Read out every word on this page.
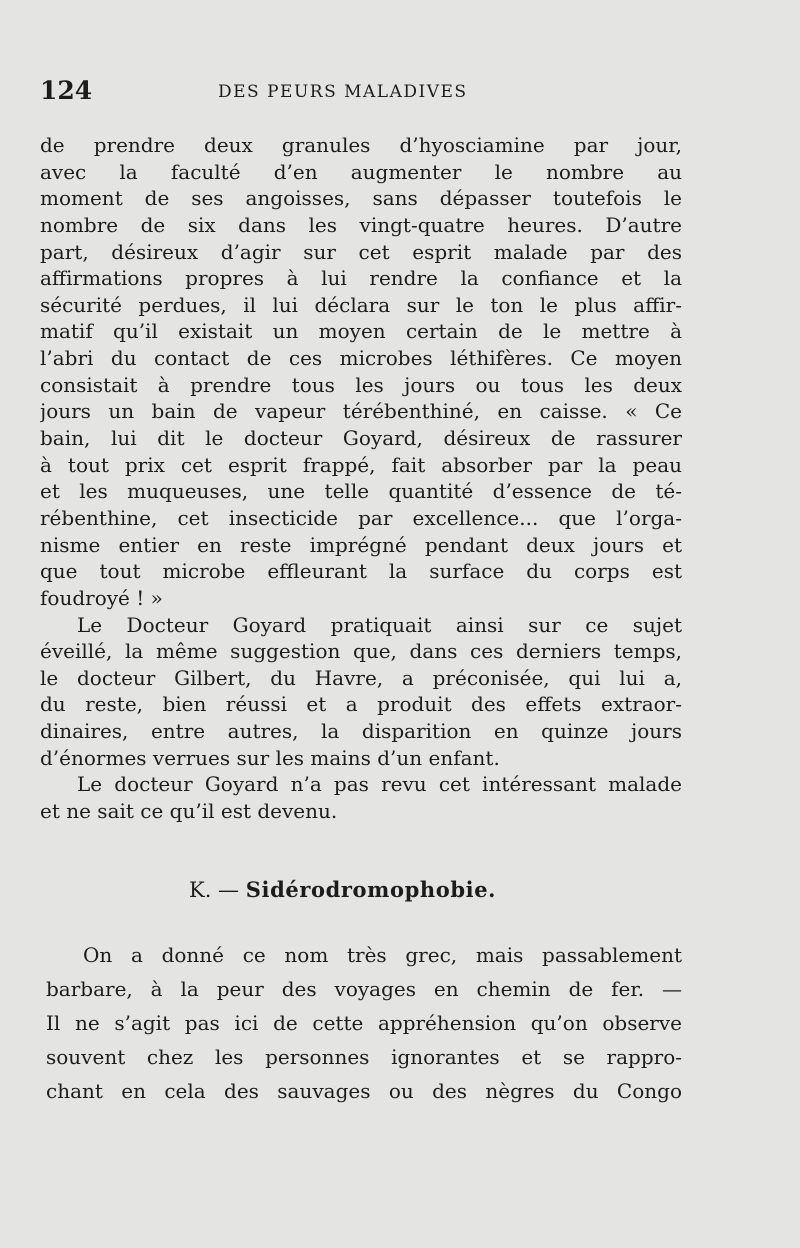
124	DES PEURS MALADIVES
de prendre deux granules d’hyosciamine par jour,
avec la faculté d’en augmenter le nombre au
moment de ses angoisses, sans dépasser toutefois le
nombre de six dans les vingt-quatre heures. D’autre
part, désireux d’agir sur cet esprit malade par des
affirmations propres à lui rendre la confiance et la
sécurité perdues, il lui déclara sur le ton le plus affir-
matif qu’il existait un moyen certain de le mettre à
l’abri du contact de ces microbes léthifères. Ce moyen
consistait à prendre tous les jours ou tous les deux
jours un bain de vapeur térébenthiné, en caisse. « Ce
bain, lui dit le docteur Goyard, désireux de rassurer
à tout prix cet esprit frappé, fait absorber par la peau
et les muqueuses, une telle quantité d’essence de té-
rébenthine, cet insecticide par excellence... que l’orga-
nisme entier en reste imprégné pendant deux jours et
que tout microbe effleurant la surface du corps est
foudroyé ! »
Le Docteur Goyard pratiquait ainsi sur ce sujet
éveillé, la même suggestion que, dans ces derniers temps,
le docteur Gilbert, du Havre, a préconisée, qui lui a,
du reste, bien réussi et a produit des effets extraor-
dinaires, entre autres, la disparition en quinze jours
d’énormes verrues sur les mains d’un enfant.
Le docteur Goyard n’a pas revu cet intéressant malade
et ne sait ce qu’il est devenu.
K. — Sidérodromophobie.
On a donné ce nom très grec, mais passablement
barbare, à la peur des voyages en chemin de fer. —
Il ne s’agit pas ici de cette appréhension qu’on observe
souvent chez les personnes ignorantes et se rappro-
chant en cela des sauvages ou des nègres du Congo
